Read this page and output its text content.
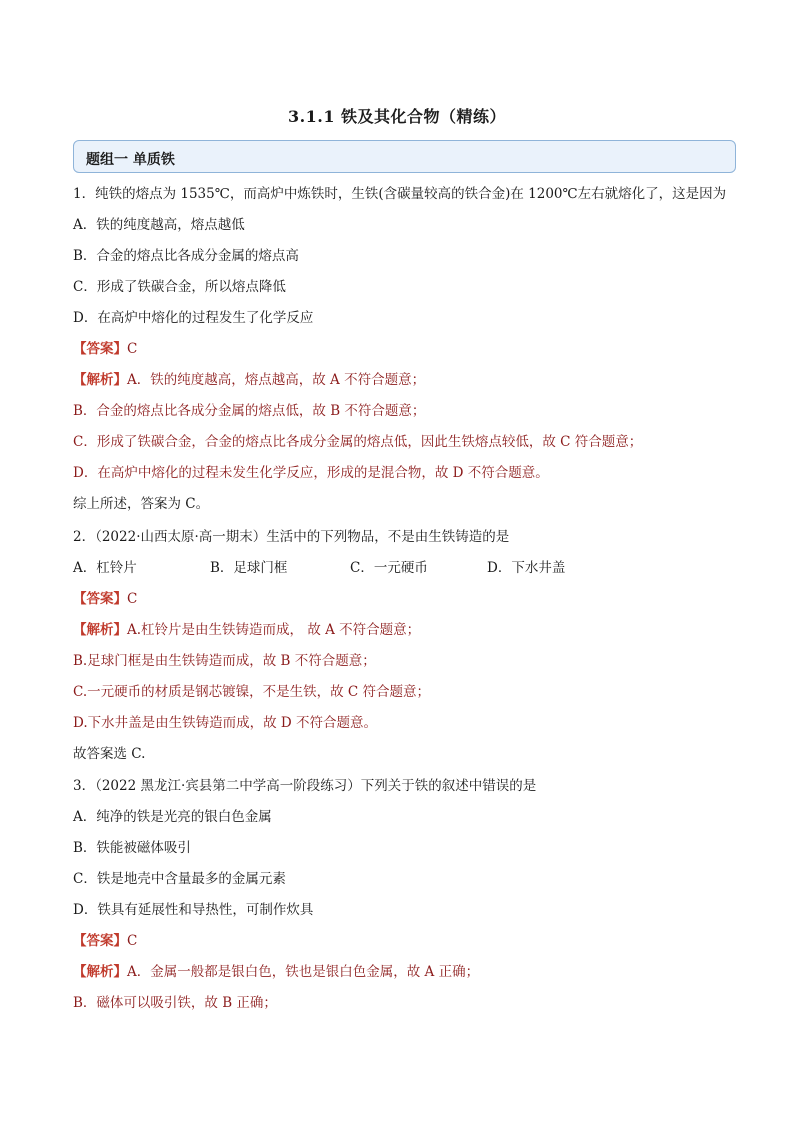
3.1.1 铁及其化合物（精练）
题组一 单质铁
1．纯铁的熔点为 1535℃，而高炉中炼铁时，生铁(含碳量较高的铁合金)在 1200℃左右就熔化了，这是因为
A．铁的纯度越高，熔点越低
B．合金的熔点比各成分金属的熔点高
C．形成了铁碳合金，所以熔点降低
D．在高炉中熔化的过程发生了化学反应
【答案】C
【解析】A．铁的纯度越高，熔点越高，故 A 不符合题意；
B．合金的熔点比各成分金属的熔点低，故 B 不符合题意；
C．形成了铁碳合金，合金的熔点比各成分金属的熔点低，因此生铁熔点较低，故 C 符合题意；
D．在高炉中熔化的过程未发生化学反应，形成的是混合物，故 D 不符合题意。
综上所述，答案为 C。
2．（2022·山西太原·高一期末）生活中的下列物品，不是由生铁铸造的是
A．杠铃片	B．足球门框	C．一元硬币	D．下水井盖
【答案】C
【解析】A.杠铃片是由生铁铸造而成， 故 A 不符合题意；
B.足球门框是由生铁铸造而成，故 B 不符合题意；
C.一元硬币的材质是钢芯镀镍，不是生铁，故 C 符合题意；
D.下水井盖是由生铁铸造而成，故 D 不符合题意。
故答案选 C.
3．（2022 黑龙江·宾县第二中学高一阶段练习）下列关于铁的叙述中错误的是
A．纯净的铁是光亮的银白色金属
B．铁能被磁体吸引
C．铁是地壳中含量最多的金属元素
D．铁具有延展性和导热性，可制作炊具
【答案】C
【解析】A．金属一般都是银白色，铁也是银白色金属，故 A 正确；
B．磁体可以吸引铁，故 B 正确；
